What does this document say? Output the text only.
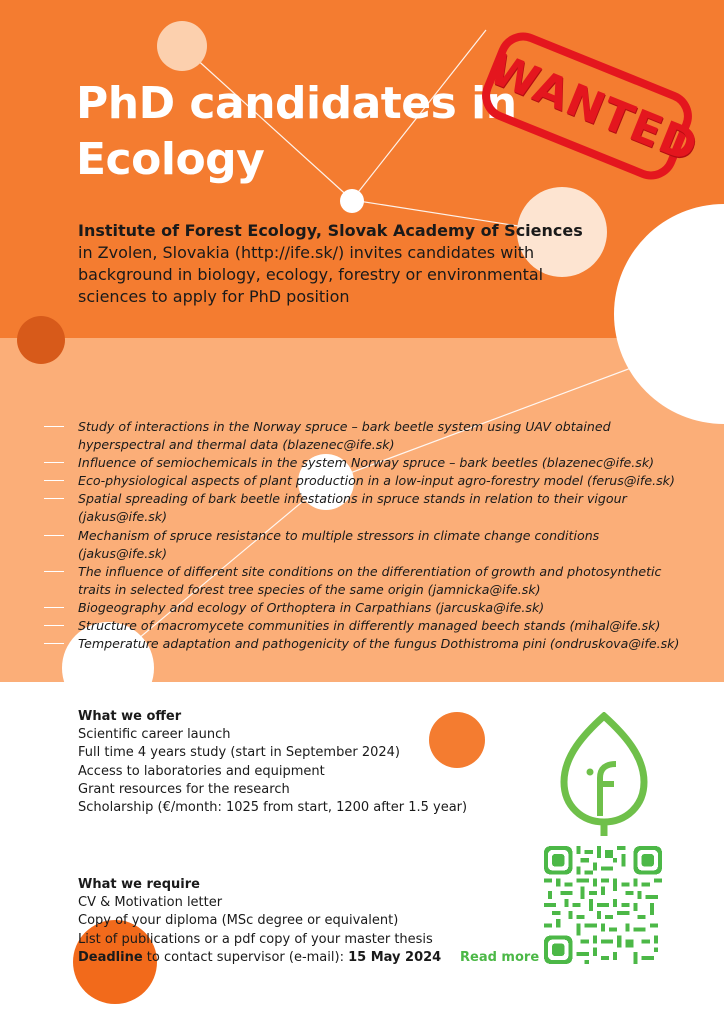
PhD candidates in
Ecology	WANTED

Institute of Forest Ecology, Slovak Academy of Sciences in Zvolen, Slovakia (http://ife.sk/) invites candidates with background in biology, ecology, forestry or environmental sciences to apply for PhD position

Study of interactions in the Norway spruce – bark beetle system using UAV obtained hyperspectral and thermal data (blazenec@ife.sk)
Influence of semiochemicals in the system Norway spruce – bark beetles (blazenec@ife.sk)
Eco-physiological aspects of plant production in a low-input agro-forestry model (ferus@ife.sk)
Spatial spreading of bark beetle infestations in spruce stands in relation to their vigour (jakus@ife.sk)
Mechanism of spruce resistance to multiple stressors in climate change conditions (jakus@ife.sk)
The influence of different site conditions on the differentiation of growth and photosynthetic traits in selected forest tree species of the same origin (jamnicka@ife.sk)
Biogeography and ecology of Orthoptera in Carpathians (jarcuska@ife.sk)
Structure of macromycete communities in differently managed beech stands (mihal@ife.sk)
Temperature adaptation and pathogenicity of the fungus Dothistroma pini (ondruskova@ife.sk)
What we offer
Scientific career launch
Full time 4 years study (start in September 2024)
Access to laboratories and equipment
Grant resources for the research
Scholarship (€/month: 1025 from start, 1200 after 1.5 year)
What we require
CV & Motivation letter
Copy of your diploma (MSc degree or equivalent)
List of publications or a pdf copy of your master thesis
Deadline to contact supervisor (e-mail): 15 May 2024 Read more
